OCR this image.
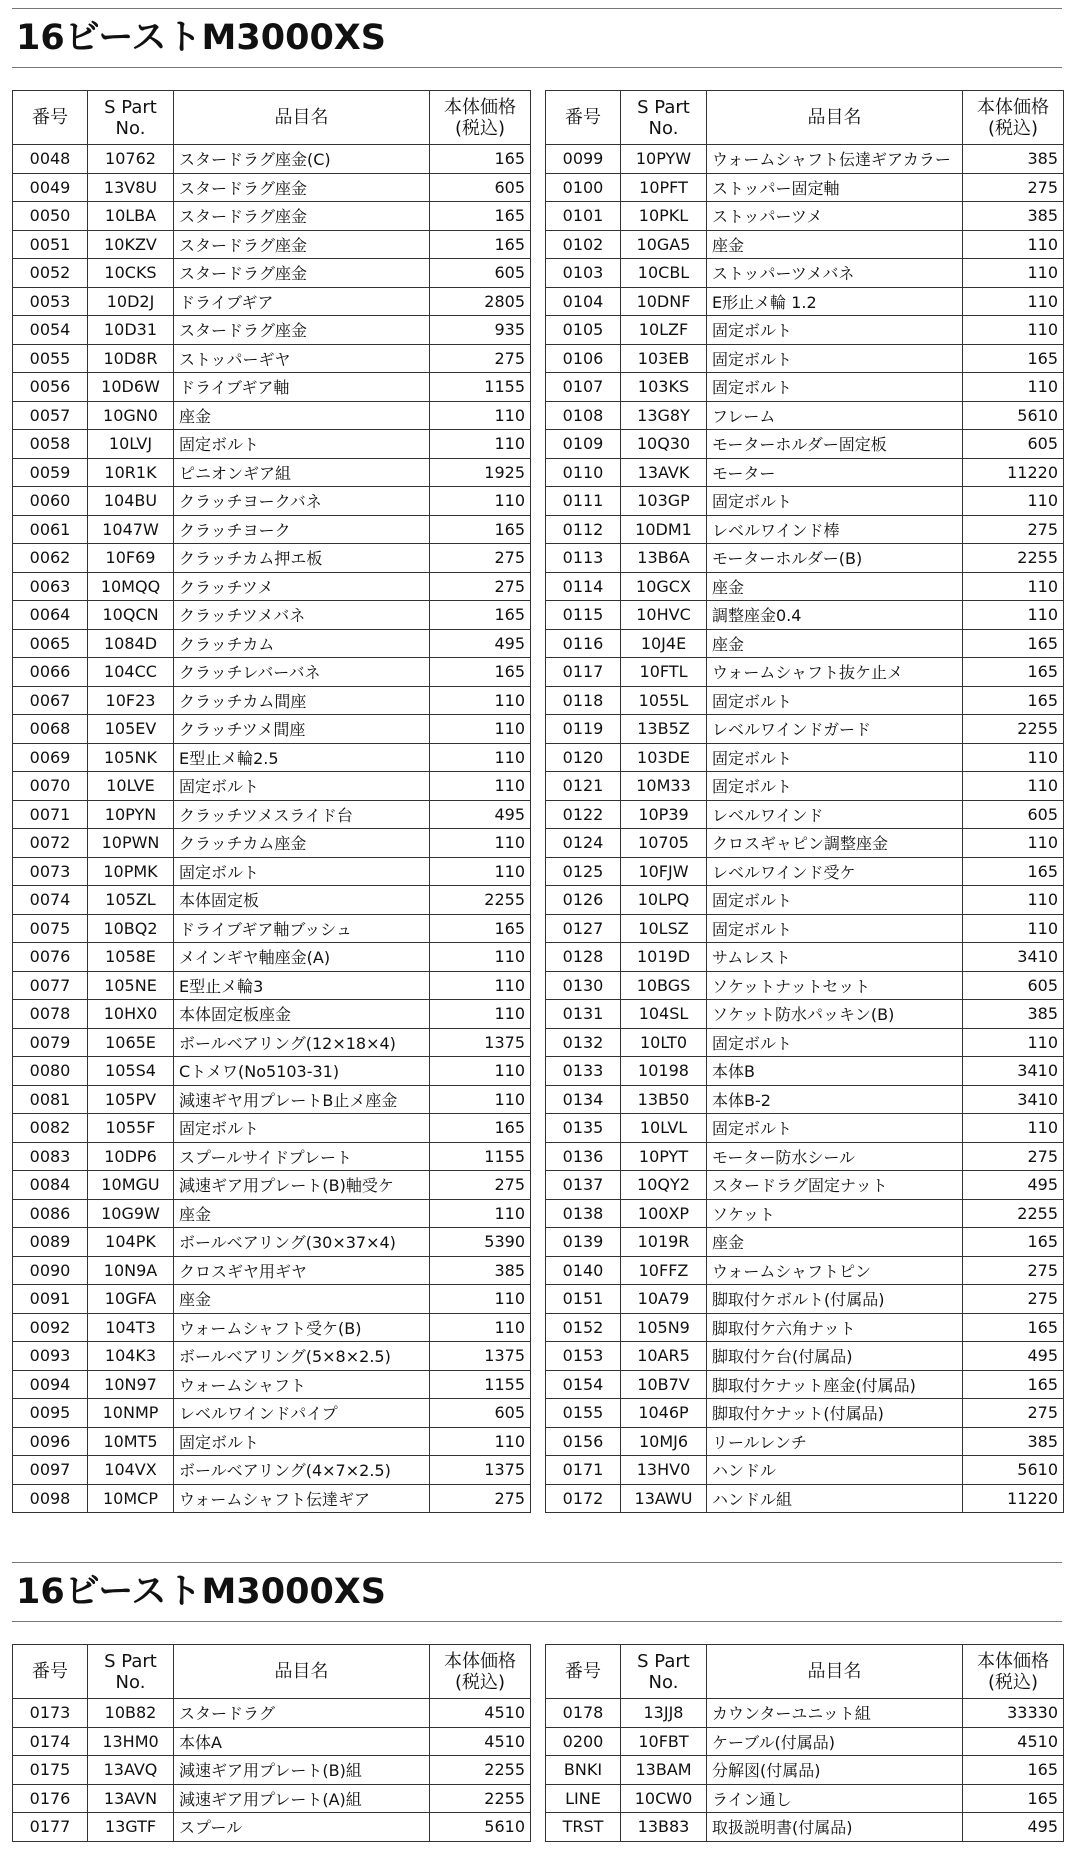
16ビーストM3000XS
番号	S Part
No.	品目名	本体価格
(税込)
0048	10762	スタードラグ座金(C)	165
0049	13V8U	スタードラグ座金	605
0050	10LBA	スタードラグ座金	165
0051	10KZV	スタードラグ座金	165
0052	10CKS	スタードラグ座金	605
0053	10D2J	ドライブギア	2805
0054	10D31	スタードラグ座金	935
0055	10D8R	ストッパーギヤ	275
0056	10D6W	ドライブギア軸	1155
0057	10GN0	座金	110
0058	10LVJ	固定ボルト	110
0059	10R1K	ピニオンギア組	1925
0060	104BU	クラッチヨークバネ	110
0061	1047W	クラッチヨーク	165
0062	10F69	クラッチカム押エ板	275
0063	10MQQ	クラッチツメ	275
0064	10QCN	クラッチツメバネ	165
0065	1084D	クラッチカム	495
0066	104CC	クラッチレバーバネ	165
0067	10F23	クラッチカム間座	110
0068	105EV	クラッチツメ間座	110
0069	105NK	E型止メ輪2.5	110
0070	10LVE	固定ボルト	110
0071	10PYN	クラッチツメスライド台	495
0072	10PWN	クラッチカム座金	110
0073	10PMK	固定ボルト	110
0074	105ZL	本体固定板	2255
0075	10BQ2	ドライブギア軸ブッシュ	165
0076	1058E	メインギヤ軸座金(A)	110
0077	105NE	E型止メ輪3	110
0078	10HX0	本体固定板座金	110
0079	1065E	ボールベアリング(12×18×4)	1375
0080	105S4	Cトメワ(No5103-31)	110
0081	105PV	減速ギヤ用プレートB止メ座金	110
0082	1055F	固定ボルト	165
0083	10DP6	スプールサイドプレート	1155
0084	10MGU	減速ギア用プレート(B)軸受ケ	275
0086	10G9W	座金	110
0089	104PK	ボールベアリング(30×37×4)	5390
0090	10N9A	クロスギヤ用ギヤ	385
0091	10GFA	座金	110
0092	104T3	ウォームシャフト受ケ(B)	110
0093	104K3	ボールベアリング(5×8×2.5)	1375
0094	10N97	ウォームシャフト	1155
0095	10NMP	レベルワインドパイプ	605
0096	10MT5	固定ボルト	110
0097	104VX	ボールベアリング(4×7×2.5)	1375
0098	10MCP	ウォームシャフト伝達ギア	275
番号	S Part
No.	品目名	本体価格
(税込)
0099	10PYW	ウォームシャフト伝達ギアカラー	385
0100	10PFT	ストッパー固定軸	275
0101	10PKL	ストッパーツメ	385
0102	10GA5	座金	110
0103	10CBL	ストッパーツメバネ	110
0104	10DNF	E形止メ輪 1.2	110
0105	10LZF	固定ボルト	110
0106	103EB	固定ボルト	165
0107	103KS	固定ボルト	110
0108	13G8Y	フレーム	5610
0109	10Q30	モーターホルダー固定板	605
0110	13AVK	モーター	11220
0111	103GP	固定ボルト	110
0112	10DM1	レベルワインド棒	275
0113	13B6A	モーターホルダー(B)	2255
0114	10GCX	座金	110
0115	10HVC	調整座金0.4	110
0116	10J4E	座金	165
0117	10FTL	ウォームシャフト抜ケ止メ	165
0118	1055L	固定ボルト	165
0119	13B5Z	レベルワインドガード	2255
0120	103DE	固定ボルト	110
0121	10M33	固定ボルト	110
0122	10P39	レベルワインド	605
0124	10705	クロスギャピン調整座金	110
0125	10FJW	レベルワインド受ケ	165
0126	10LPQ	固定ボルト	110
0127	10LSZ	固定ボルト	110
0128	1019D	サムレスト	3410
0130	10BGS	ソケットナットセット	605
0131	104SL	ソケット防水パッキン(B)	385
0132	10LT0	固定ボルト	110
0133	10198	本体B	3410
0134	13B50	本体B-2	3410
0135	10LVL	固定ボルト	110
0136	10PYT	モーター防水シール	275
0137	10QY2	スタードラグ固定ナット	495
0138	100XP	ソケット	2255
0139	1019R	座金	165
0140	10FFZ	ウォームシャフトピン	275
0151	10A79	脚取付ケボルト(付属品)	275
0152	105N9	脚取付ケ六角ナット	165
0153	10AR5	脚取付ケ台(付属品)	495
0154	10B7V	脚取付ケナット座金(付属品)	165
0155	1046P	脚取付ケナット(付属品)	275
0156	10MJ6	リールレンチ	385
0171	13HV0	ハンドル	5610
0172	13AWU	ハンドル組	11220
16ビーストM3000XS
番号	S Part
No.	品目名	本体価格
(税込)
0173	10B82	スタードラグ	4510
0174	13HM0	本体A	4510
0175	13AVQ	減速ギア用プレート(B)組	2255
0176	13AVN	減速ギア用プレート(A)組	2255
0177	13GTF	スプール	5610
番号	S Part
No.	品目名	本体価格
(税込)
0178	13JJ8	カウンターユニット組	33330
0200	10FBT	ケーブル(付属品)	4510
BNKI	13BAM	分解図(付属品)	165
LINE	10CW0	ライン通し	165
TRST	13B83	取扱説明書(付属品)	495
